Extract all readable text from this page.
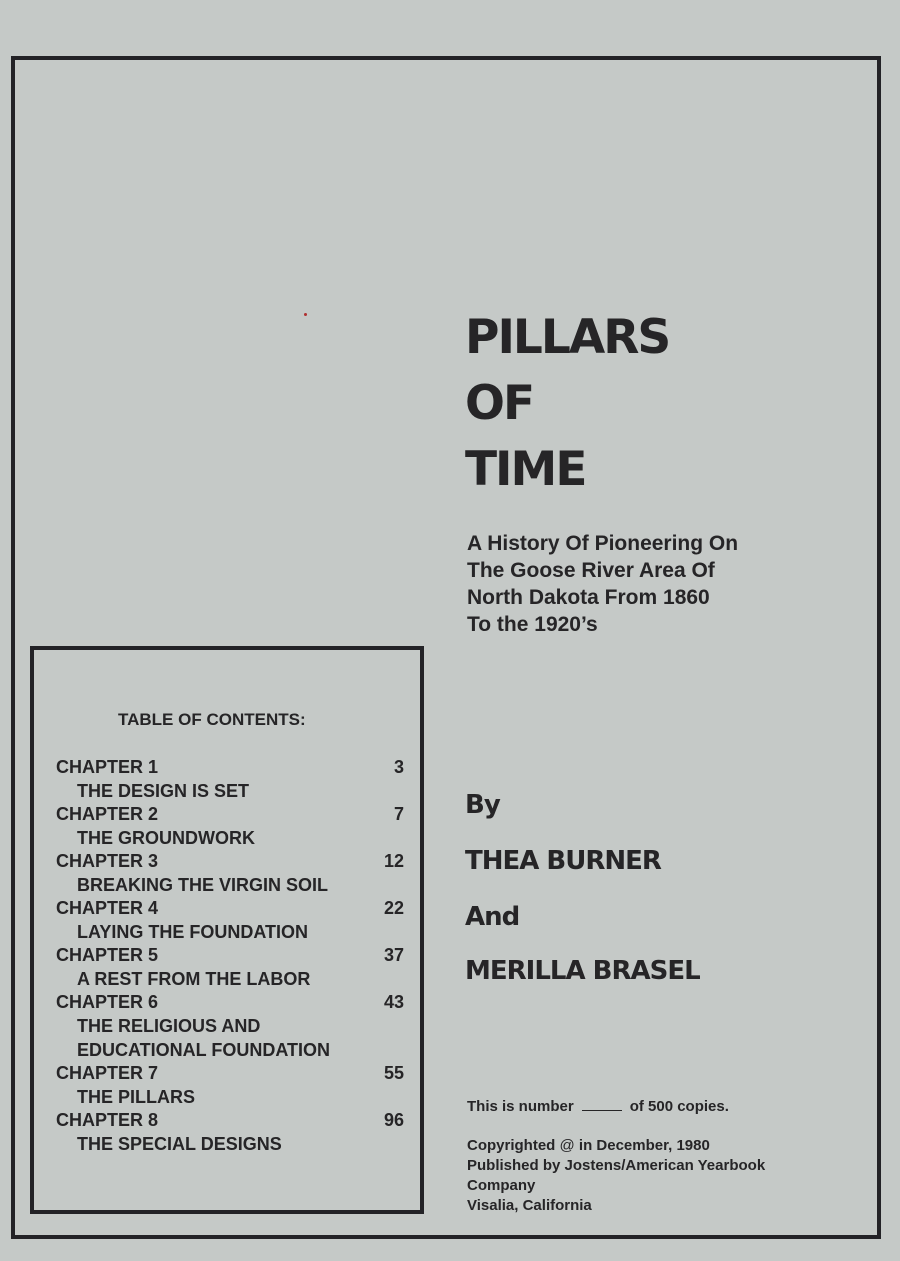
PILLARS
OF
TIME
A History Of Pioneering On
The Goose River Area Of
North Dakota From 1860
To the 1920’s
By
THEA BURNER
And
MERILLA BRASEL
This is number	of 500 copies.
Copyrighted @ in December, 1980
Published by Jostens/American Yearbook
Company
Visalia, California
TABLE OF CONTENTS:
CHAPTER 1	3
THE DESIGN IS SET
CHAPTER 2	7
THE GROUNDWORK
CHAPTER 3	12
BREAKING THE VIRGIN SOIL
CHAPTER 4	22
LAYING THE FOUNDATION
CHAPTER 5	37
A REST FROM THE LABOR
CHAPTER 6	43
THE RELIGIOUS AND
EDUCATIONAL FOUNDATION
CHAPTER 7	55
THE PILLARS
CHAPTER 8	96
THE SPECIAL DESIGNS
